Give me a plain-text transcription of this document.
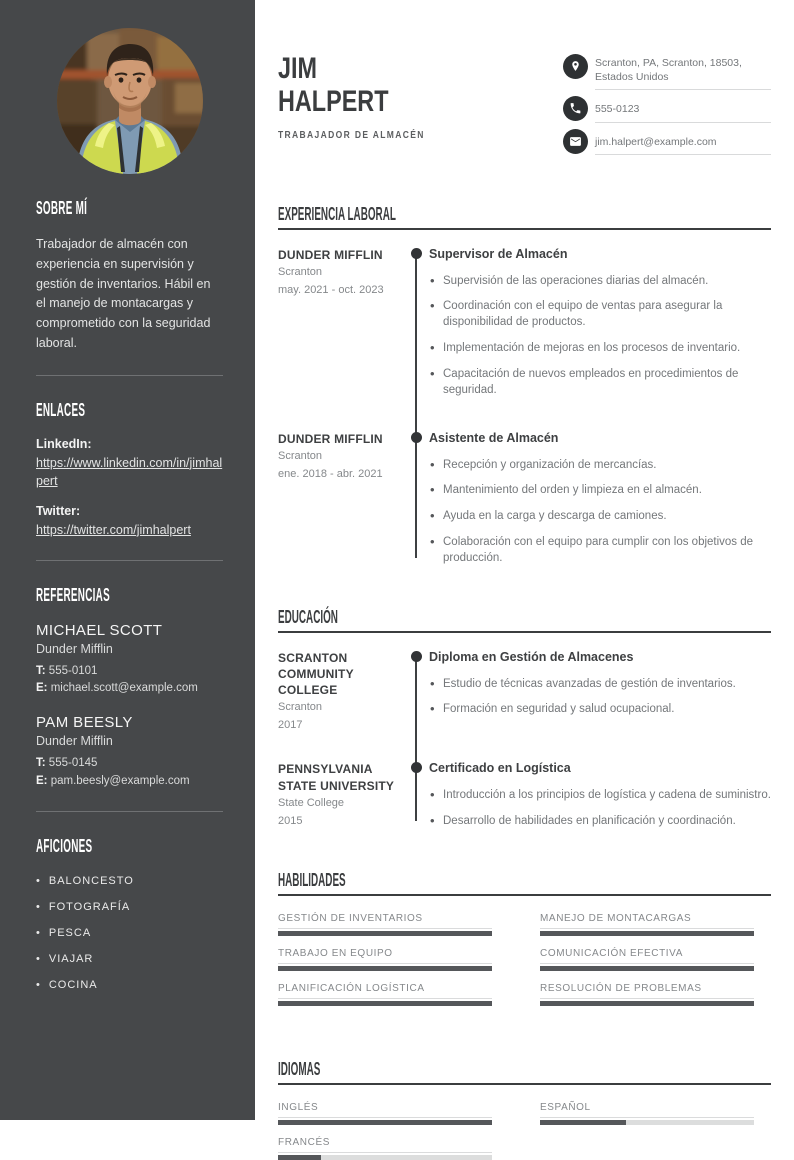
SOBRE MÍ

Trabajador de almacén con experiencia en supervisión y gestión de inventarios. Hábil en el manejo de montacargas y comprometido con la seguridad laboral.

ENLACES
LinkedIn:
https://www.linkedin.com/in/jimhalpert
Twitter:
https://twitter.com/jimhalpert
REFERENCIAS
MICHAEL SCOTT
Dunder Mifflin
T: 555-0101
E: michael.scott@example.com
PAM BEESLY
Dunder Mifflin
T: 555-0145
E: pam.beesly@example.com
AFICIONES
• BALONCESTO
• FOTOGRAFÍA
• PESCA
• VIAJAR
• COCINA
JIM
HALPERT
TRABAJADOR DE ALMACÉN
Scranton, PA, Scranton, 18503, Estados Unidos
555-0123
jim.halpert@example.com
EXPERIENCIA LABORAL
DUNDER MIFFLIN
Scranton
may. 2021 - oct. 2023
Supervisor de Almacén
• Supervisión de las operaciones diarias del almacén.
• Coordinación con el equipo de ventas para asegurar la disponibilidad de productos.
• Implementación de mejoras en los procesos de inventario.
• Capacitación de nuevos empleados en procedimientos de seguridad.
DUNDER MIFFLIN
Scranton
ene. 2018 - abr. 2021
Asistente de Almacén
• Recepción y organización de mercancías.
• Mantenimiento del orden y limpieza en el almacén.
• Ayuda en la carga y descarga de camiones.
• Colaboración con el equipo para cumplir con los objetivos de producción.
EDUCACIÓN
SCRANTON COMMUNITY COLLEGE
Scranton
2017
Diploma en Gestión de Almacenes
• Estudio de técnicas avanzadas de gestión de inventarios.
• Formación en seguridad y salud ocupacional.
PENNSYLVANIA STATE UNIVERSITY
State College
2015
Certificado en Logística
• Introducción a los principios de logística y cadena de suministro.
• Desarrollo de habilidades en planificación y coordinación.
HABILIDADES
GESTIÓN DE INVENTARIOS	MANEJO DE MONTACARGAS
TRABAJO EN EQUIPO	COMUNICACIÓN EFECTIVA
PLANIFICACIÓN LOGÍSTICA	RESOLUCIÓN DE PROBLEMAS
IDIOMAS
INGLÉS	ESPAÑOL
FRANCÉS
